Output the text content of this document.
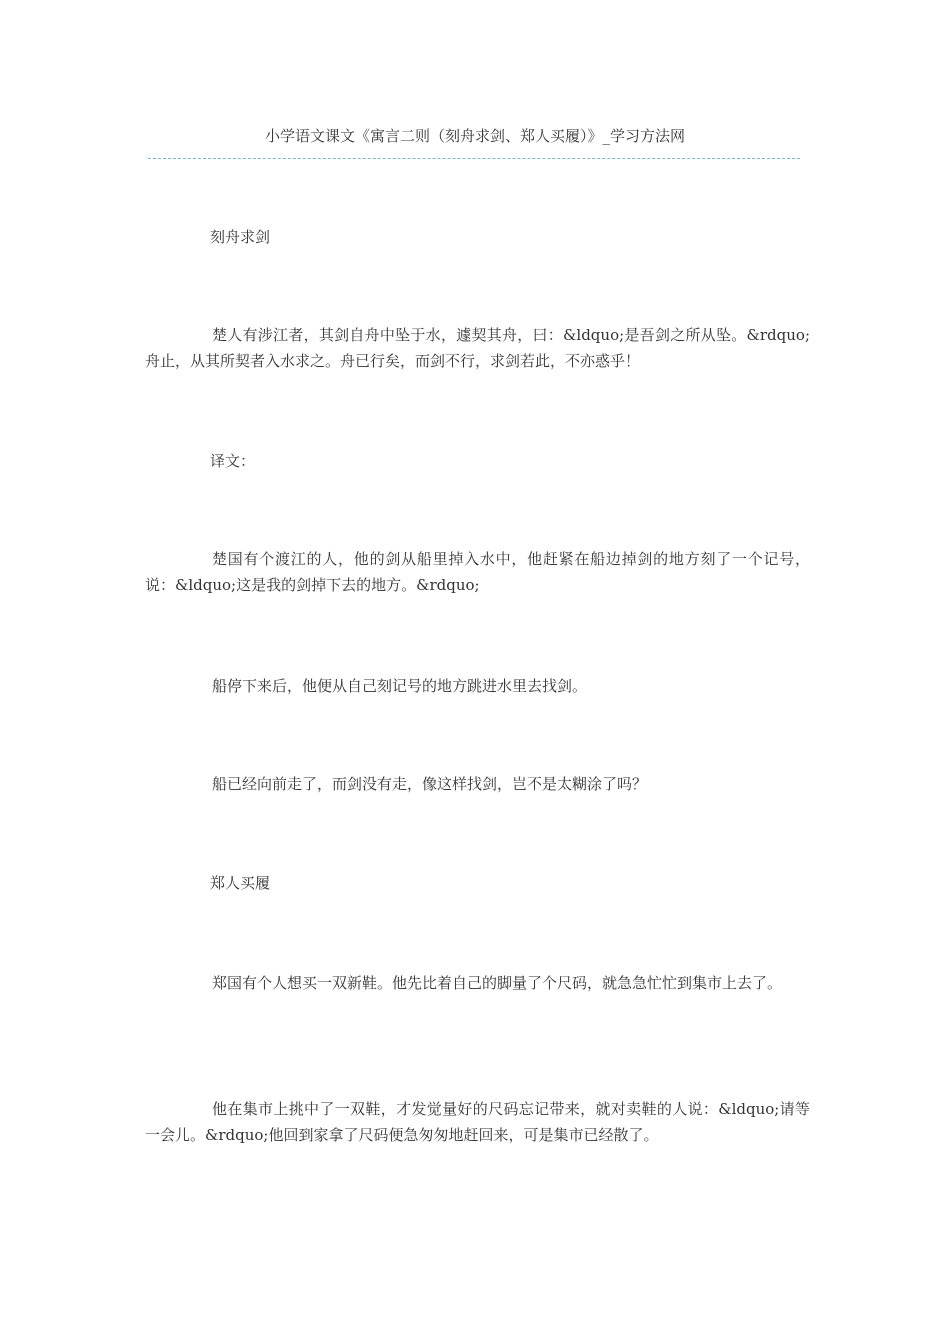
小学语文课文《寓言二则（刻舟求剑、郑人买履）》_学习方法网
刻舟求剑
楚人有涉江者，其剑自舟中坠于水，遽契其舟，曰：&ldquo;是吾剑之所从坠。&rdquo;舟止，从其所契者入水求之。舟已行矣，而剑不行，求剑若此，不亦惑乎！
译文：
楚国有个渡江的人，他的剑从船里掉入水中，他赶紧在船边掉剑的地方刻了一个记号，说：&ldquo;这是我的剑掉下去的地方。&rdquo;
船停下来后，他便从自己刻记号的地方跳进水里去找剑。
船已经向前走了，而剑没有走，像这样找剑，岂不是太糊涂了吗？
郑人买履
郑国有个人想买一双新鞋。他先比着自己的脚量了个尺码，就急急忙忙到集市上去了。
他在集市上挑中了一双鞋，才发觉量好的尺码忘记带来，就对卖鞋的人说：&ldquo;请等一会儿。&rdquo;他回到家拿了尺码便急匆匆地赶回来，可是集市已经散了。
